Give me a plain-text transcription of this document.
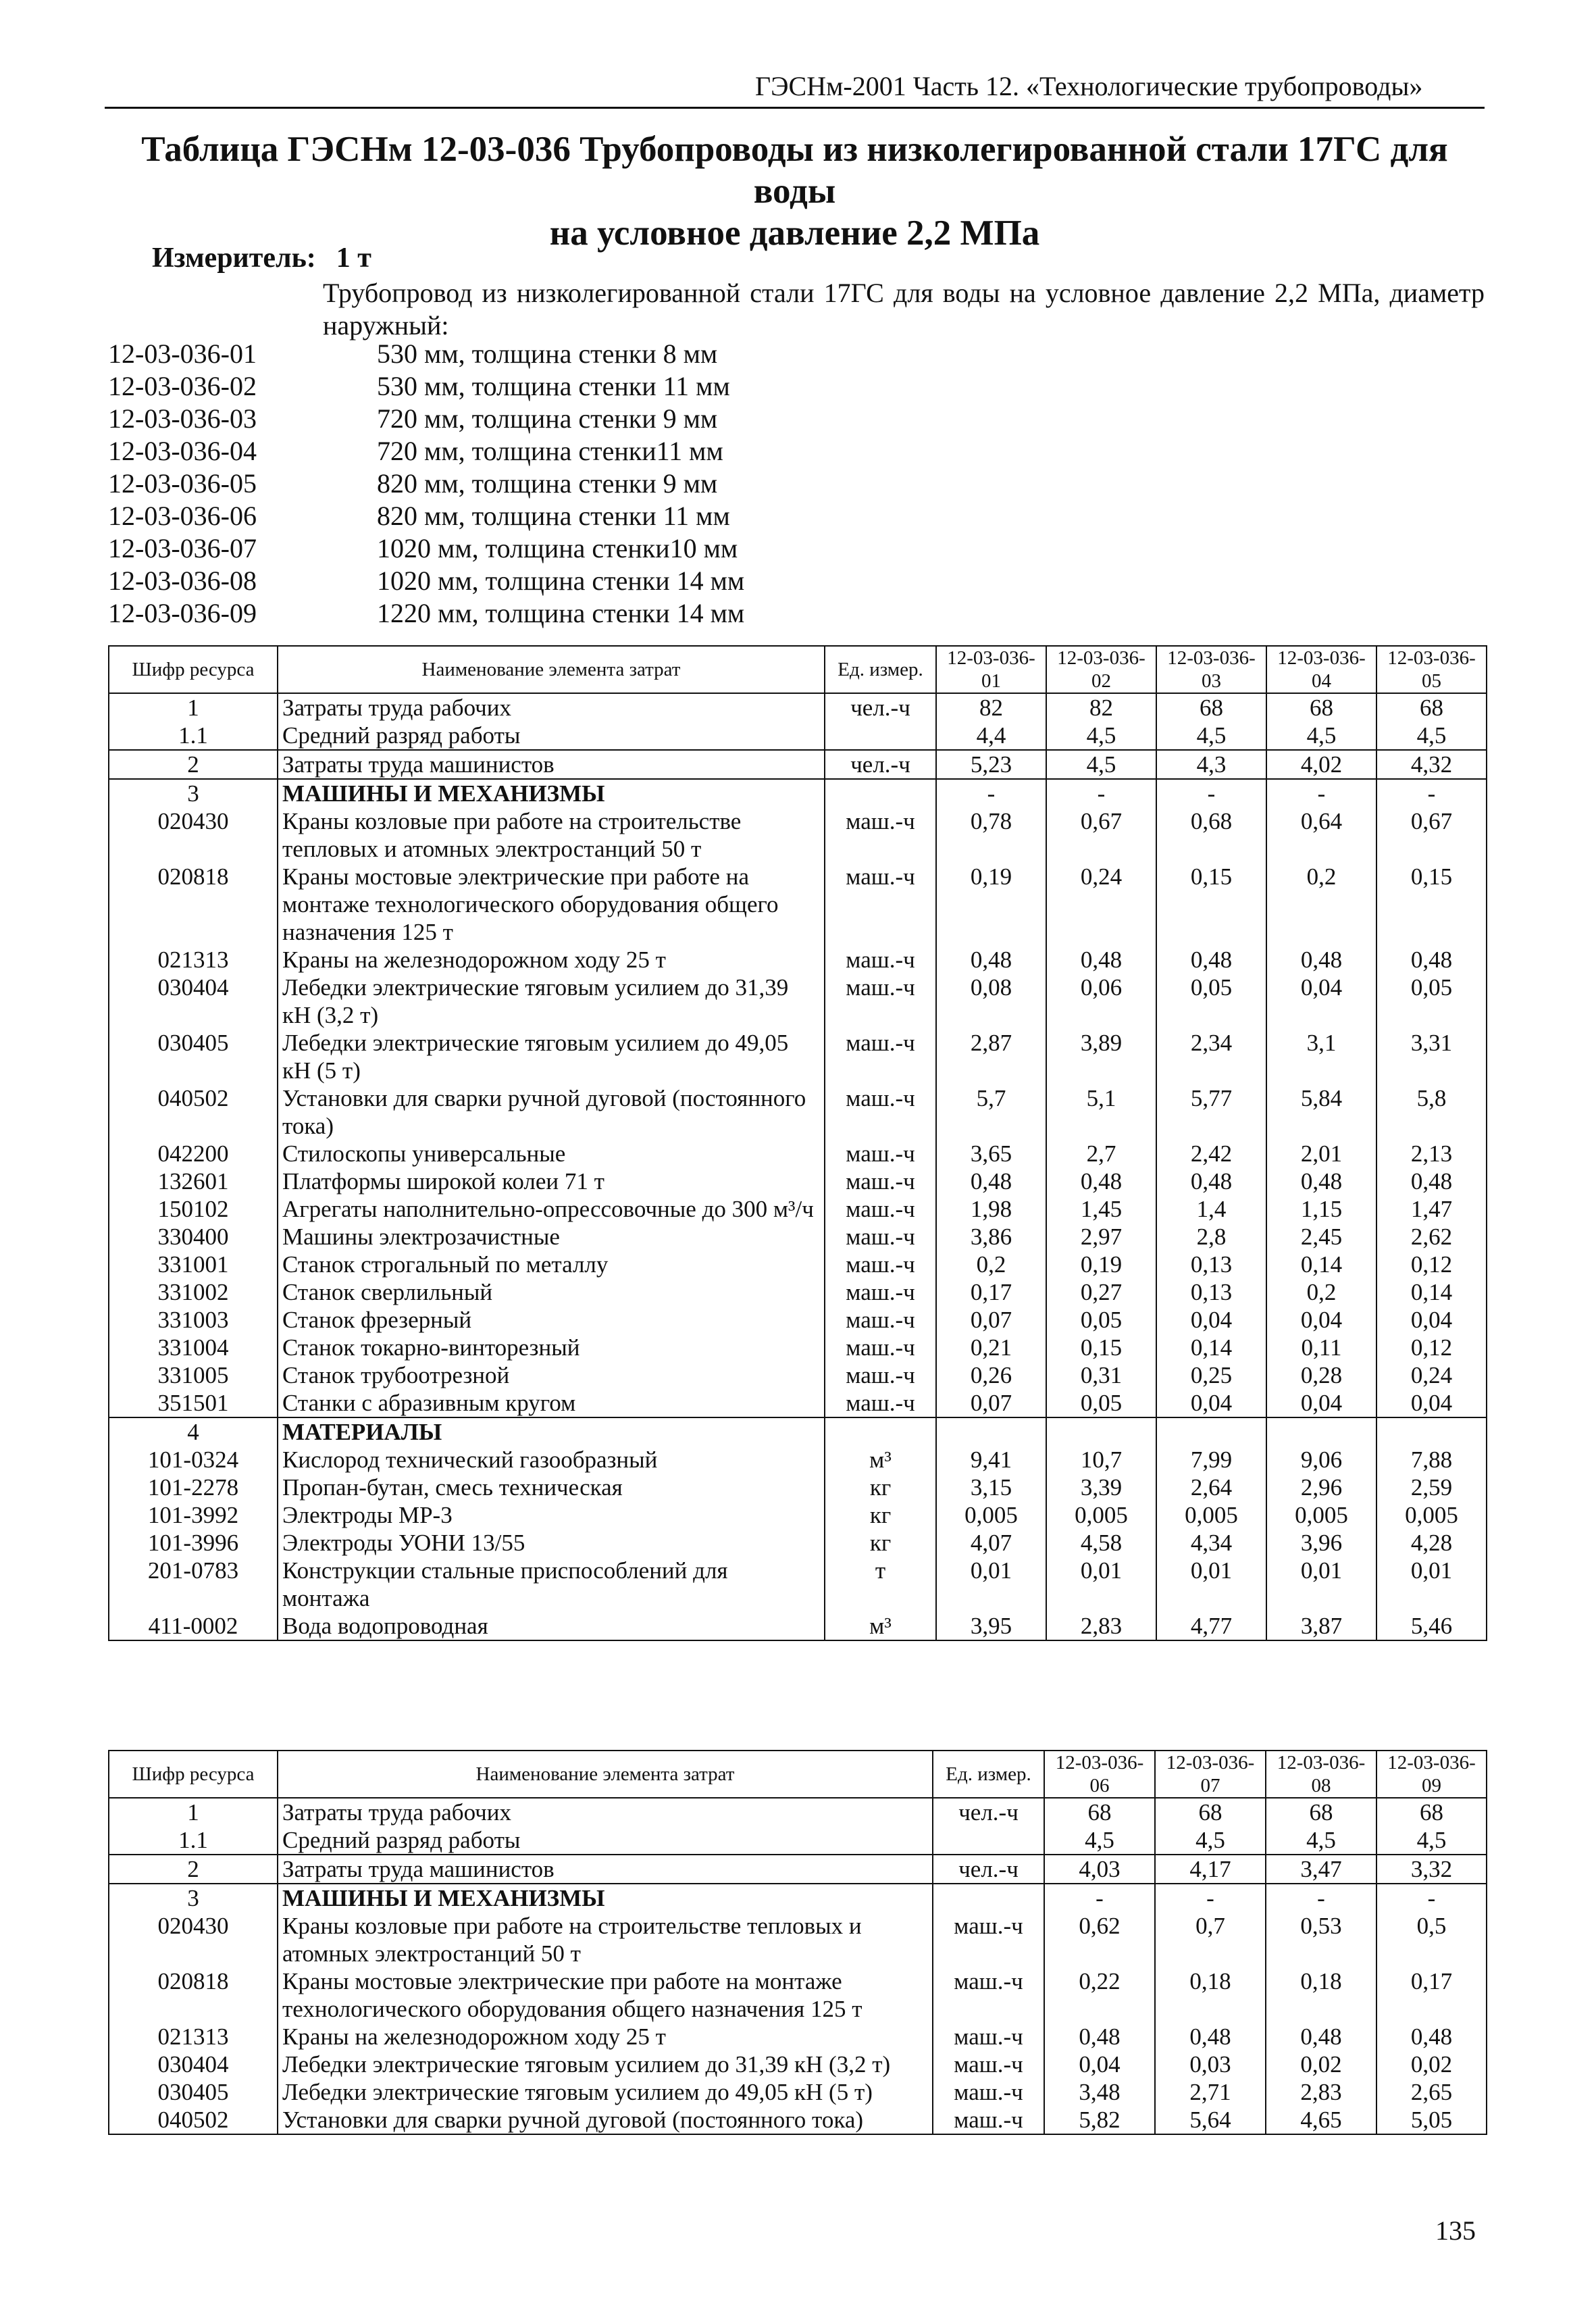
ГЭСНм-2001 Часть 12. «Технологические трубопроводы»
Таблица ГЭСНм 12-03-036 Трубопроводы из низколегированной стали 17ГС для воды
на условное давление 2,2 МПа
Измеритель: 1 т
Трубопровод из низколегированной стали 17ГС для воды на условное давление 2,2 МПа, диаметр наружный:
12-03-036-01	530 мм, толщина стенки 8 мм
12-03-036-02	530 мм, толщина стенки 11 мм
12-03-036-03	720 мм, толщина стенки 9 мм
12-03-036-04	720 мм, толщина стенки11 мм
12-03-036-05	820 мм, толщина стенки 9 мм
12-03-036-06	820 мм, толщина стенки 11 мм
12-03-036-07	1020 мм, толщина стенки10 мм
12-03-036-08	1020 мм, толщина стенки 14 мм
12-03-036-09	1220 мм, толщина стенки 14 мм
Шифр ресурса	Наименование элемента затрат	Ед. измер.	12-03-036-01	12-03-036-02	12-03-036-03	12-03-036-04	12-03-036-05
1	Затраты труда рабочих	чел.-ч	82	82	68	68	68
1.1	Средний разряд работы		4,4	4,5	4,5	4,5	4,5
2	Затраты труда машинистов	чел.-ч	5,23	4,5	4,3	4,02	4,32
3	МАШИНЫ И МЕХАНИЗМЫ		-	-	-	-	-
020430	Краны козловые при работе на строительстве тепловых и атомных электростанций 50 т	маш.-ч	0,78	0,67	0,68	0,64	0,67
020818	Краны мостовые электрические при работе на монтаже технологического оборудования общего назначения 125 т	маш.-ч	0,19	0,24	0,15	0,2	0,15
021313	Краны на железнодорожном ходу 25 т	маш.-ч	0,48	0,48	0,48	0,48	0,48
030404	Лебедки электрические тяговым усилием до 31,39 кН (3,2 т)	маш.-ч	0,08	0,06	0,05	0,04	0,05
030405	Лебедки электрические тяговым усилием до 49,05 кН (5 т)	маш.-ч	2,87	3,89	2,34	3,1	3,31
040502	Установки для сварки ручной дуговой (постоянного тока)	маш.-ч	5,7	5,1	5,77	5,84	5,8
042200	Стилоскопы универсальные	маш.-ч	3,65	2,7	2,42	2,01	2,13
132601	Платформы широкой колеи 71 т	маш.-ч	0,48	0,48	0,48	0,48	0,48
150102	Агрегаты наполнительно-опрессовочные до 300 м³/ч	маш.-ч	1,98	1,45	1,4	1,15	1,47
330400	Машины электрозачистные	маш.-ч	3,86	2,97	2,8	2,45	2,62
331001	Станок строгальный по металлу	маш.-ч	0,2	0,19	0,13	0,14	0,12
331002	Станок сверлильный	маш.-ч	0,17	0,27	0,13	0,2	0,14
331003	Станок фрезерный	маш.-ч	0,07	0,05	0,04	0,04	0,04
331004	Станок токарно-винторезный	маш.-ч	0,21	0,15	0,14	0,11	0,12
331005	Станок трубоотрезной	маш.-ч	0,26	0,31	0,25	0,28	0,24
351501	Станки с абразивным кругом	маш.-ч	0,07	0,05	0,04	0,04	0,04
4	МАТЕРИАЛЫ						
101-0324	Кислород технический газообразный	м³	9,41	10,7	7,99	9,06	7,88
101-2278	Пропан-бутан, смесь техническая	кг	3,15	3,39	2,64	2,96	2,59
101-3992	Электроды МР-3	кг	0,005	0,005	0,005	0,005	0,005
101-3996	Электроды УОНИ 13/55	кг	4,07	4,58	4,34	3,96	4,28
201-0783	Конструкции стальные приспособлений для монтажа	т	0,01	0,01	0,01	0,01	0,01
411-0002	Вода водопроводная	м³	3,95	2,83	4,77	3,87	5,46
Шифр ресурса	Наименование элемента затрат	Ед. измер.	12-03-036-06	12-03-036-07	12-03-036-08	12-03-036-09
1	Затраты труда рабочих	чел.-ч	68	68	68	68
1.1	Средний разряд работы		4,5	4,5	4,5	4,5
2	Затраты труда машинистов	чел.-ч	4,03	4,17	3,47	3,32
3	МАШИНЫ И МЕХАНИЗМЫ		-	-	-	-
020430	Краны козловые при работе на строительстве тепловых и атомных электростанций 50 т	маш.-ч	0,62	0,7	0,53	0,5
020818	Краны мостовые электрические при работе на монтаже технологического оборудования общего назначения 125 т	маш.-ч	0,22	0,18	0,18	0,17
021313	Краны на железнодорожном ходу 25 т	маш.-ч	0,48	0,48	0,48	0,48
030404	Лебедки электрические тяговым усилием до 31,39 кН (3,2 т)	маш.-ч	0,04	0,03	0,02	0,02
030405	Лебедки электрические тяговым усилием до 49,05 кН (5 т)	маш.-ч	3,48	2,71	2,83	2,65
040502	Установки для сварки ручной дуговой (постоянного тока)	маш.-ч	5,82	5,64	4,65	5,05
135
